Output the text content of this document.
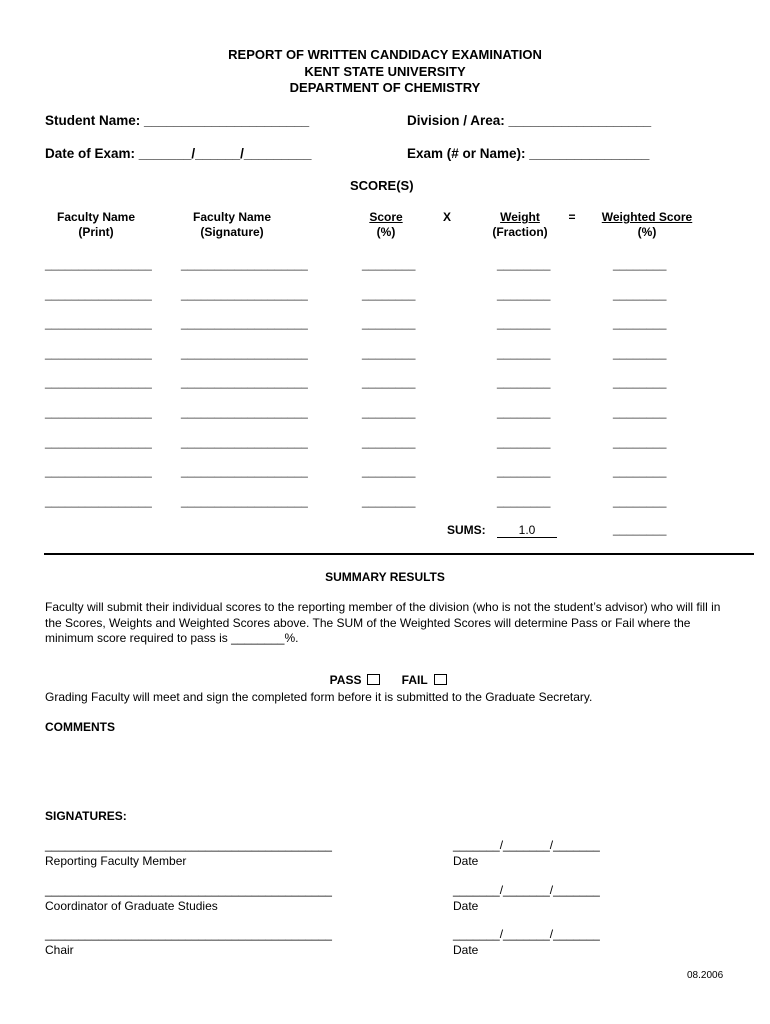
REPORT OF WRITTEN CANDIDACY EXAMINATION
KENT STATE UNIVERSITY
DEPARTMENT OF CHEMISTRY
Student Name: ______________________	Division / Area: ___________________
Date of Exam: _______/______/_________	Exam (# or Name): ________________
SCORE(S)
Faculty Name
(Print)
Faculty Name
(Signature)
Score
(%)
X	Weight
(Fraction)
=	Weighted Score
(%)
________________ ___________________	________	________	________
________________ ___________________	________	________	________
________________ ___________________	________	________	________
________________ ___________________	________	________	________
________________ ___________________	________	________	________
________________ ___________________	________	________	________
________________ ___________________	________	________	________
________________ ___________________	________	________	________
________________ ___________________	________	________	________
SUMS:	1.0	________
SUMMARY RESULTS
Faculty will submit their individual scores to the reporting member of the division (who is not the student’s advisor) who will fill in the Scores, Weights and Weighted Scores above. The SUM of the Weighted Scores will determine Pass or Fail where the minimum score required to pass is ________%.

PASS	FAIL

Grading Faculty will meet and sign the completed form before it is submitted to the Graduate Secretary.
COMMENTS
SIGNATURES:
___________________________________________
Reporting Faculty Member
_______/_______/_______
Date
___________________________________________
Coordinator of Graduate Studies
_______/_______/_______
Date
___________________________________________
Chair
_______/_______/_______
Date
08.2006
